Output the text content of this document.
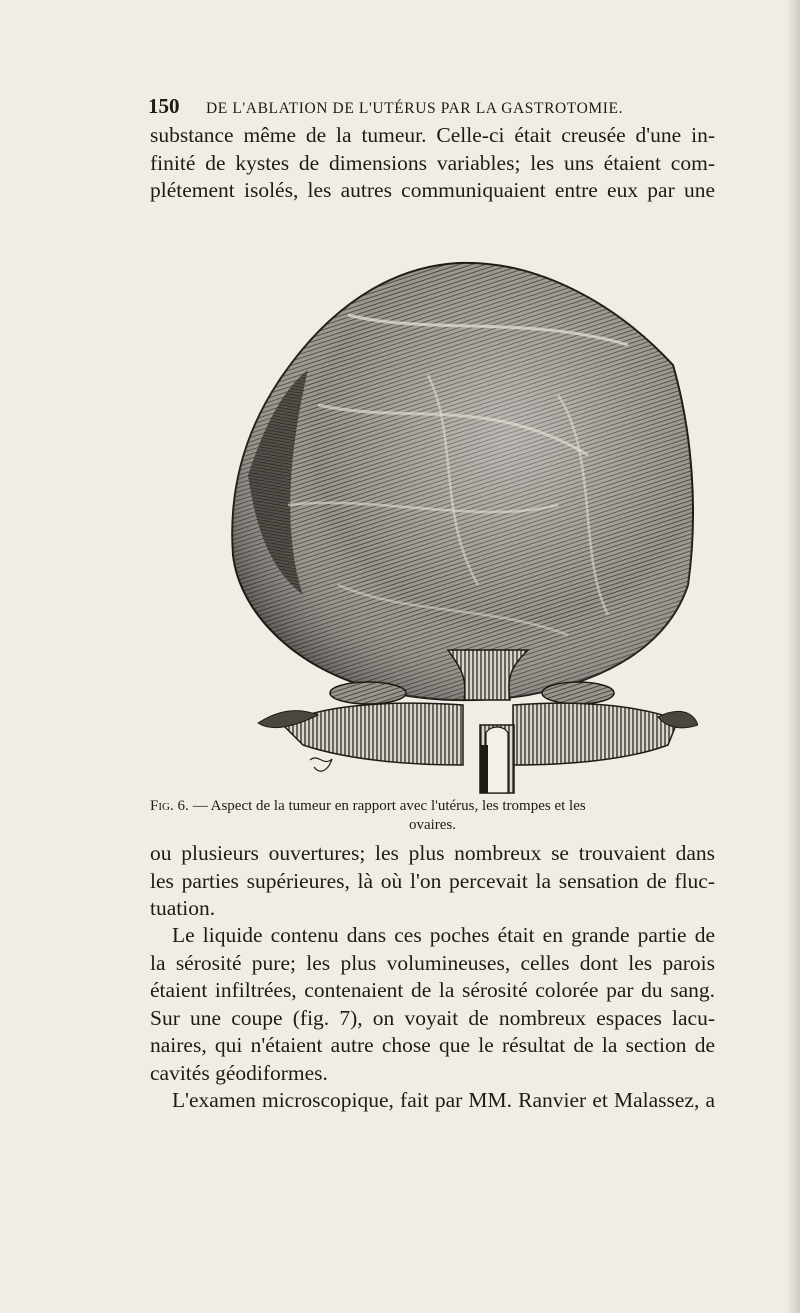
150 DE L'ABLATION DE L'UTÉRUS PAR LA GASTROTOMIE.

substance même de la tumeur. Celle-ci était creusée d'une in-
finité de kystes de dimensions variables; les uns étaient com-
plétement isolés, les autres communiquaient entre eux par une

Fig. 6. — Aspect de la tumeur en rapport avec l'utérus, les trompes et les
ovaires.

ou plusieurs ouvertures; les plus nombreux se trouvaient dans
les parties supérieures, là où l'on percevait la sensation de fluc-
tuation.

Le liquide contenu dans ces poches était en grande partie de
la sérosité pure; les plus volumineuses, celles dont les parois
étaient infiltrées, contenaient de la sérosité colorée par du sang.
Sur une coupe (fig. 7), on voyait de nombreux espaces lacu-
naires, qui n'étaient autre chose que le résultat de la section de
cavités géodiformes.

L'examen microscopique, fait par MM. Ranvier et Malassez, a
